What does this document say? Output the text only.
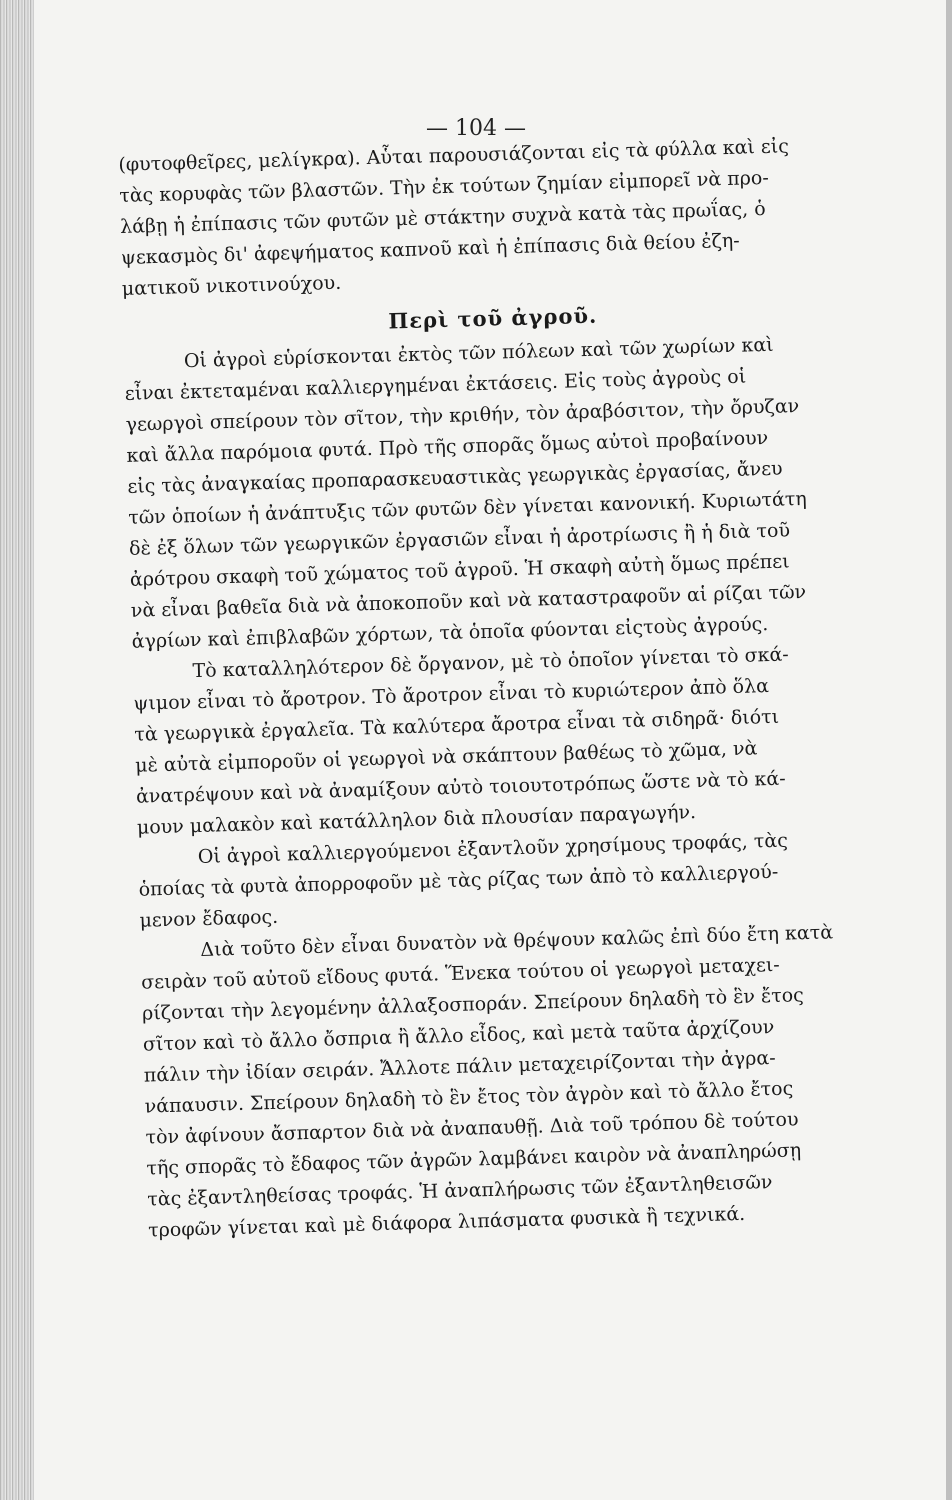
— 104 —
(φυτοφθεῖρες, μελίγκρα). Αὗται παρουσιάζονται εἰς τὰ φύλλα καὶ εἰς
τὰς κορυφὰς τῶν βλαστῶν. Τὴν ἐκ τούτων ζημίαν εἰμπορεῖ νὰ προ-
λάβῃ ἡ ἐπίπασις τῶν φυτῶν μὲ στάκτην συχνὰ κατὰ τὰς πρωΐας, ὁ
ψεκασμὸς δι' ἀφεψήματος καπνοῦ καὶ ἡ ἐπίπασις διὰ θείου ἐζη-
ματικοῦ νικοτινούχου.
Περὶ τοῦ ἀγροῦ.
Οἱ ἀγροὶ εὑρίσκονται ἐκτὸς τῶν πόλεων καὶ τῶν χωρίων καὶ
εἶναι ἐκτεταμέναι καλλιεργημέναι ἐκτάσεις. Εἰς τοὺς ἀγροὺς οἱ
γεωργοὶ σπείρουν τὸν σῖτον, τὴν κριθήν, τὸν ἀραβόσιτον, τὴν ὄρυζαν
καὶ ἄλλα παρόμοια φυτά. Πρὸ τῆς σπορᾶς ὅμως αὐτοὶ προβαίνουν
εἰς τὰς ἀναγκαίας προπαρασκευαστικὰς γεωργικὰς ἐργασίας, ἄνευ
τῶν ὁποίων ἡ ἀνάπτυξις τῶν φυτῶν δὲν γίνεται κανονική. Κυριωτάτη
δὲ ἐξ ὅλων τῶν γεωργικῶν ἐργασιῶν εἶναι ἡ ἀροτρίωσις ἢ ἡ διὰ τοῦ
ἀρότρου σκαφὴ τοῦ χώματος τοῦ ἀγροῦ. Ἡ σκαφὴ αὐτὴ ὅμως πρέπει
νὰ εἶναι βαθεῖα διὰ νὰ ἀποκοποῦν καὶ νὰ καταστραφοῦν αἱ ρίζαι τῶν
ἀγρίων καὶ ἐπιβλαβῶν χόρτων, τὰ ὁποῖα φύονται εἰςτοὺς ἀγρούς.
Τὸ καταλληλότερον δὲ ὄργανον, μὲ τὸ ὁποῖον γίνεται τὸ σκά-
ψιμον εἶναι τὸ ἄροτρον. Τὸ ἄροτρον εἶναι τὸ κυριώτερον ἀπὸ ὅλα
τὰ γεωργικὰ ἐργαλεῖα. Τὰ καλύτερα ἄροτρα εἶναι τὰ σιδηρᾶ· διότι
μὲ αὐτὰ εἰμποροῦν οἱ γεωργοὶ νὰ σκάπτουν βαθέως τὸ χῶμα, νὰ
ἀνατρέψουν καὶ νὰ ἀναμίξουν αὐτὸ τοιουτοτρόπως ὥστε νὰ τὸ κά-
μουν μαλακὸν καὶ κατάλληλον διὰ πλουσίαν παραγωγήν.
Οἱ ἀγροὶ καλλιεργούμενοι ἐξαντλοῦν χρησίμους τροφάς, τὰς
ὁποίας τὰ φυτὰ ἀπορροφοῦν μὲ τὰς ρίζας των ἀπὸ τὸ καλλιεργού-
μενον ἔδαφος.
Διὰ τοῦτο δὲν εἶναι δυνατὸν νὰ θρέψουν καλῶς ἐπὶ δύο ἔτη κατὰ
σειρὰν τοῦ αὐτοῦ εἴδους φυτά. Ἕνεκα τούτου οἱ γεωργοὶ μεταχει-
ρίζονται τὴν λεγομένην ἀλλαξοσποράν. Σπείρουν δηλαδὴ τὸ ἓν ἔτος
σῖτον καὶ τὸ ἄλλο ὄσπρια ἢ ἄλλο εἶδος, καὶ μετὰ ταῦτα ἀρχίζουν
πάλιν τὴν ἰδίαν σειράν. Ἄλλοτε πάλιν μεταχειρίζονται τὴν ἀγρα-
νάπαυσιν. Σπείρουν δηλαδὴ τὸ ἓν ἔτος τὸν ἀγρὸν καὶ τὸ ἄλλο ἔτος
τὸν ἀφίνουν ἄσπαρτον διὰ νὰ ἀναπαυθῇ. Διὰ τοῦ τρόπου δὲ τούτου
τῆς σπορᾶς τὸ ἔδαφος τῶν ἀγρῶν λαμβάνει καιρὸν νὰ ἀναπληρώσῃ
τὰς ἐξαντληθείσας τροφάς. Ἡ ἀναπλήρωσις τῶν ἐξαντληθεισῶν
τροφῶν γίνεται καὶ μὲ διάφορα λιπάσματα φυσικὰ ἢ τεχνικά.
